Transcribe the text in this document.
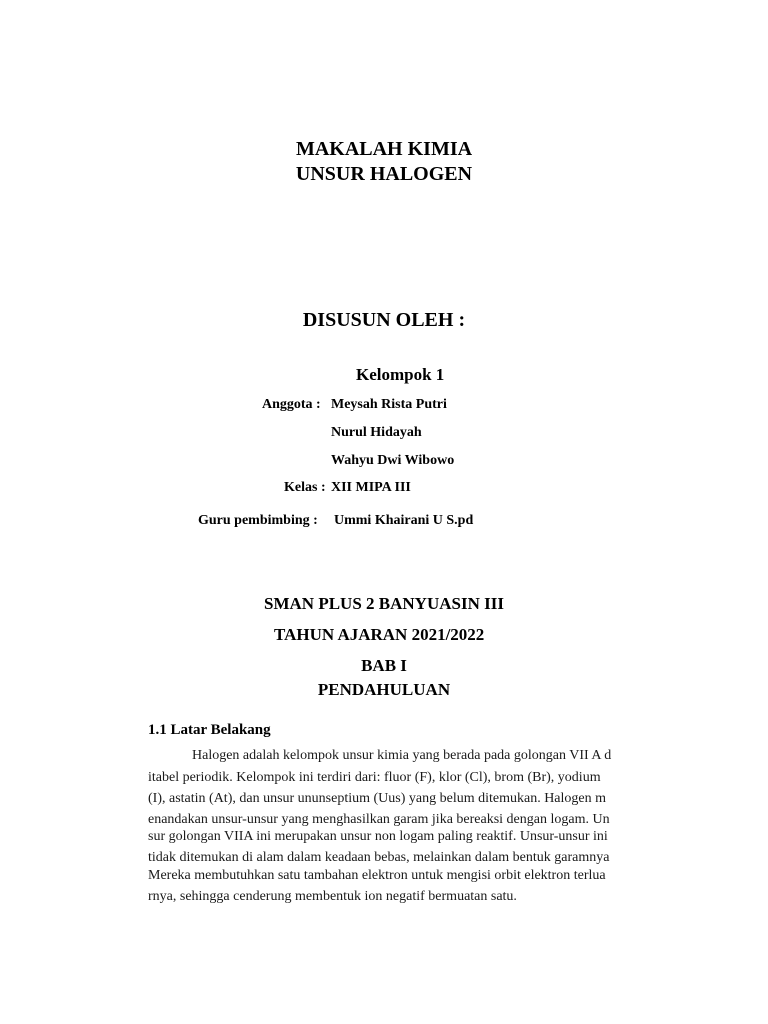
MAKALAH KIMIA
UNSUR HALOGEN
DISUSUN OLEH :
Kelompok 1
Anggota : Meysah Rista Putri
Nurul Hidayah
Wahyu Dwi Wibowo
Kelas : XII MIPA III
Guru pembimbing : Ummi Khairani U S.pd
SMAN PLUS 2 BANYUASIN III
TAHUN AJARAN 2021/2022
BAB I
PENDAHULUAN
1.1 Latar Belakang
Halogen adalah kelompok unsur kimia yang berada pada golongan VII A d
itabel periodik. Kelompok ini terdiri dari: fluor (F), klor (Cl), brom (Br), yodium
(I), astatin (At), dan unsur ununseptium (Uus) yang belum ditemukan. Halogen m
enandakan unsur-unsur yang menghasilkan garam jika bereaksi dengan logam. Un
sur golongan VIIA ini merupakan unsur non logam paling reaktif. Unsur-unsur ini
tidak ditemukan di alam dalam keadaan bebas, melainkan dalam bentuk garamnya
Mereka membutuhkan satu tambahan elektron untuk mengisi orbit elektron terlua
rnya, sehingga cenderung membentuk ion negatif bermuatan satu.
